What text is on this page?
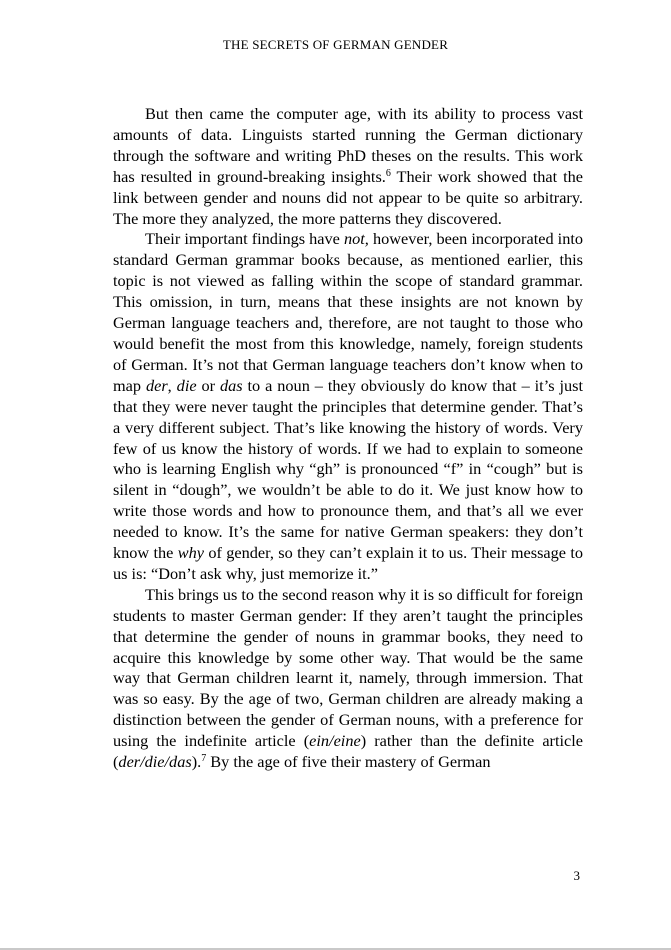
THE SECRETS OF GERMAN GENDER

But then came the computer age, with its ability to process vast amounts of data. Linguists started running the German dictionary through the software and writing PhD theses on the results. This work has resulted in ground-breaking insights.$^6$ Their work showed that the link between gender and nouns did not appear to be quite so arbitrary. The more they analyzed, the more patterns they discovered.

Their important findings have not, however, been incorporated into standard German grammar books because, as mentioned earlier, this topic is not viewed as falling within the scope of standard grammar. This omission, in turn, means that these insights are not known by German language teachers and, therefore, are not taught to those who would benefit the most from this knowledge, namely, foreign students of German. It’s not that German language teachers don’t know when to map der, die or das to a noun – they obviously do know that – it’s just that they were never taught the principles that determine gender. That’s a very different subject. That’s like knowing the history of words. Very few of us know the history of words. If we had to explain to someone who is learning English why “gh” is pronounced “f” in “cough” but is silent in “dough”, we wouldn’t be able to do it. We just know how to write those words and how to pronounce them, and that’s all we ever needed to know. It’s the same for native German speakers: they don’t know the why of gender, so they can’t explain it to us. Their message to us is: “Don’t ask why, just memorize it.”

This brings us to the second reason why it is so difficult for foreign students to master German gender: If they aren’t taught the principles that determine the gender of nouns in grammar books, they need to acquire this knowledge by some other way. That would be the same way that German children learnt it, namely, through immersion. That was so easy. By the age of two, German children are already making a distinction between the gender of German nouns, with a preference for using the indefinite article (ein/eine) rather than the definite article (der/die/das).$^7$ By the age of five their mastery of German

3
